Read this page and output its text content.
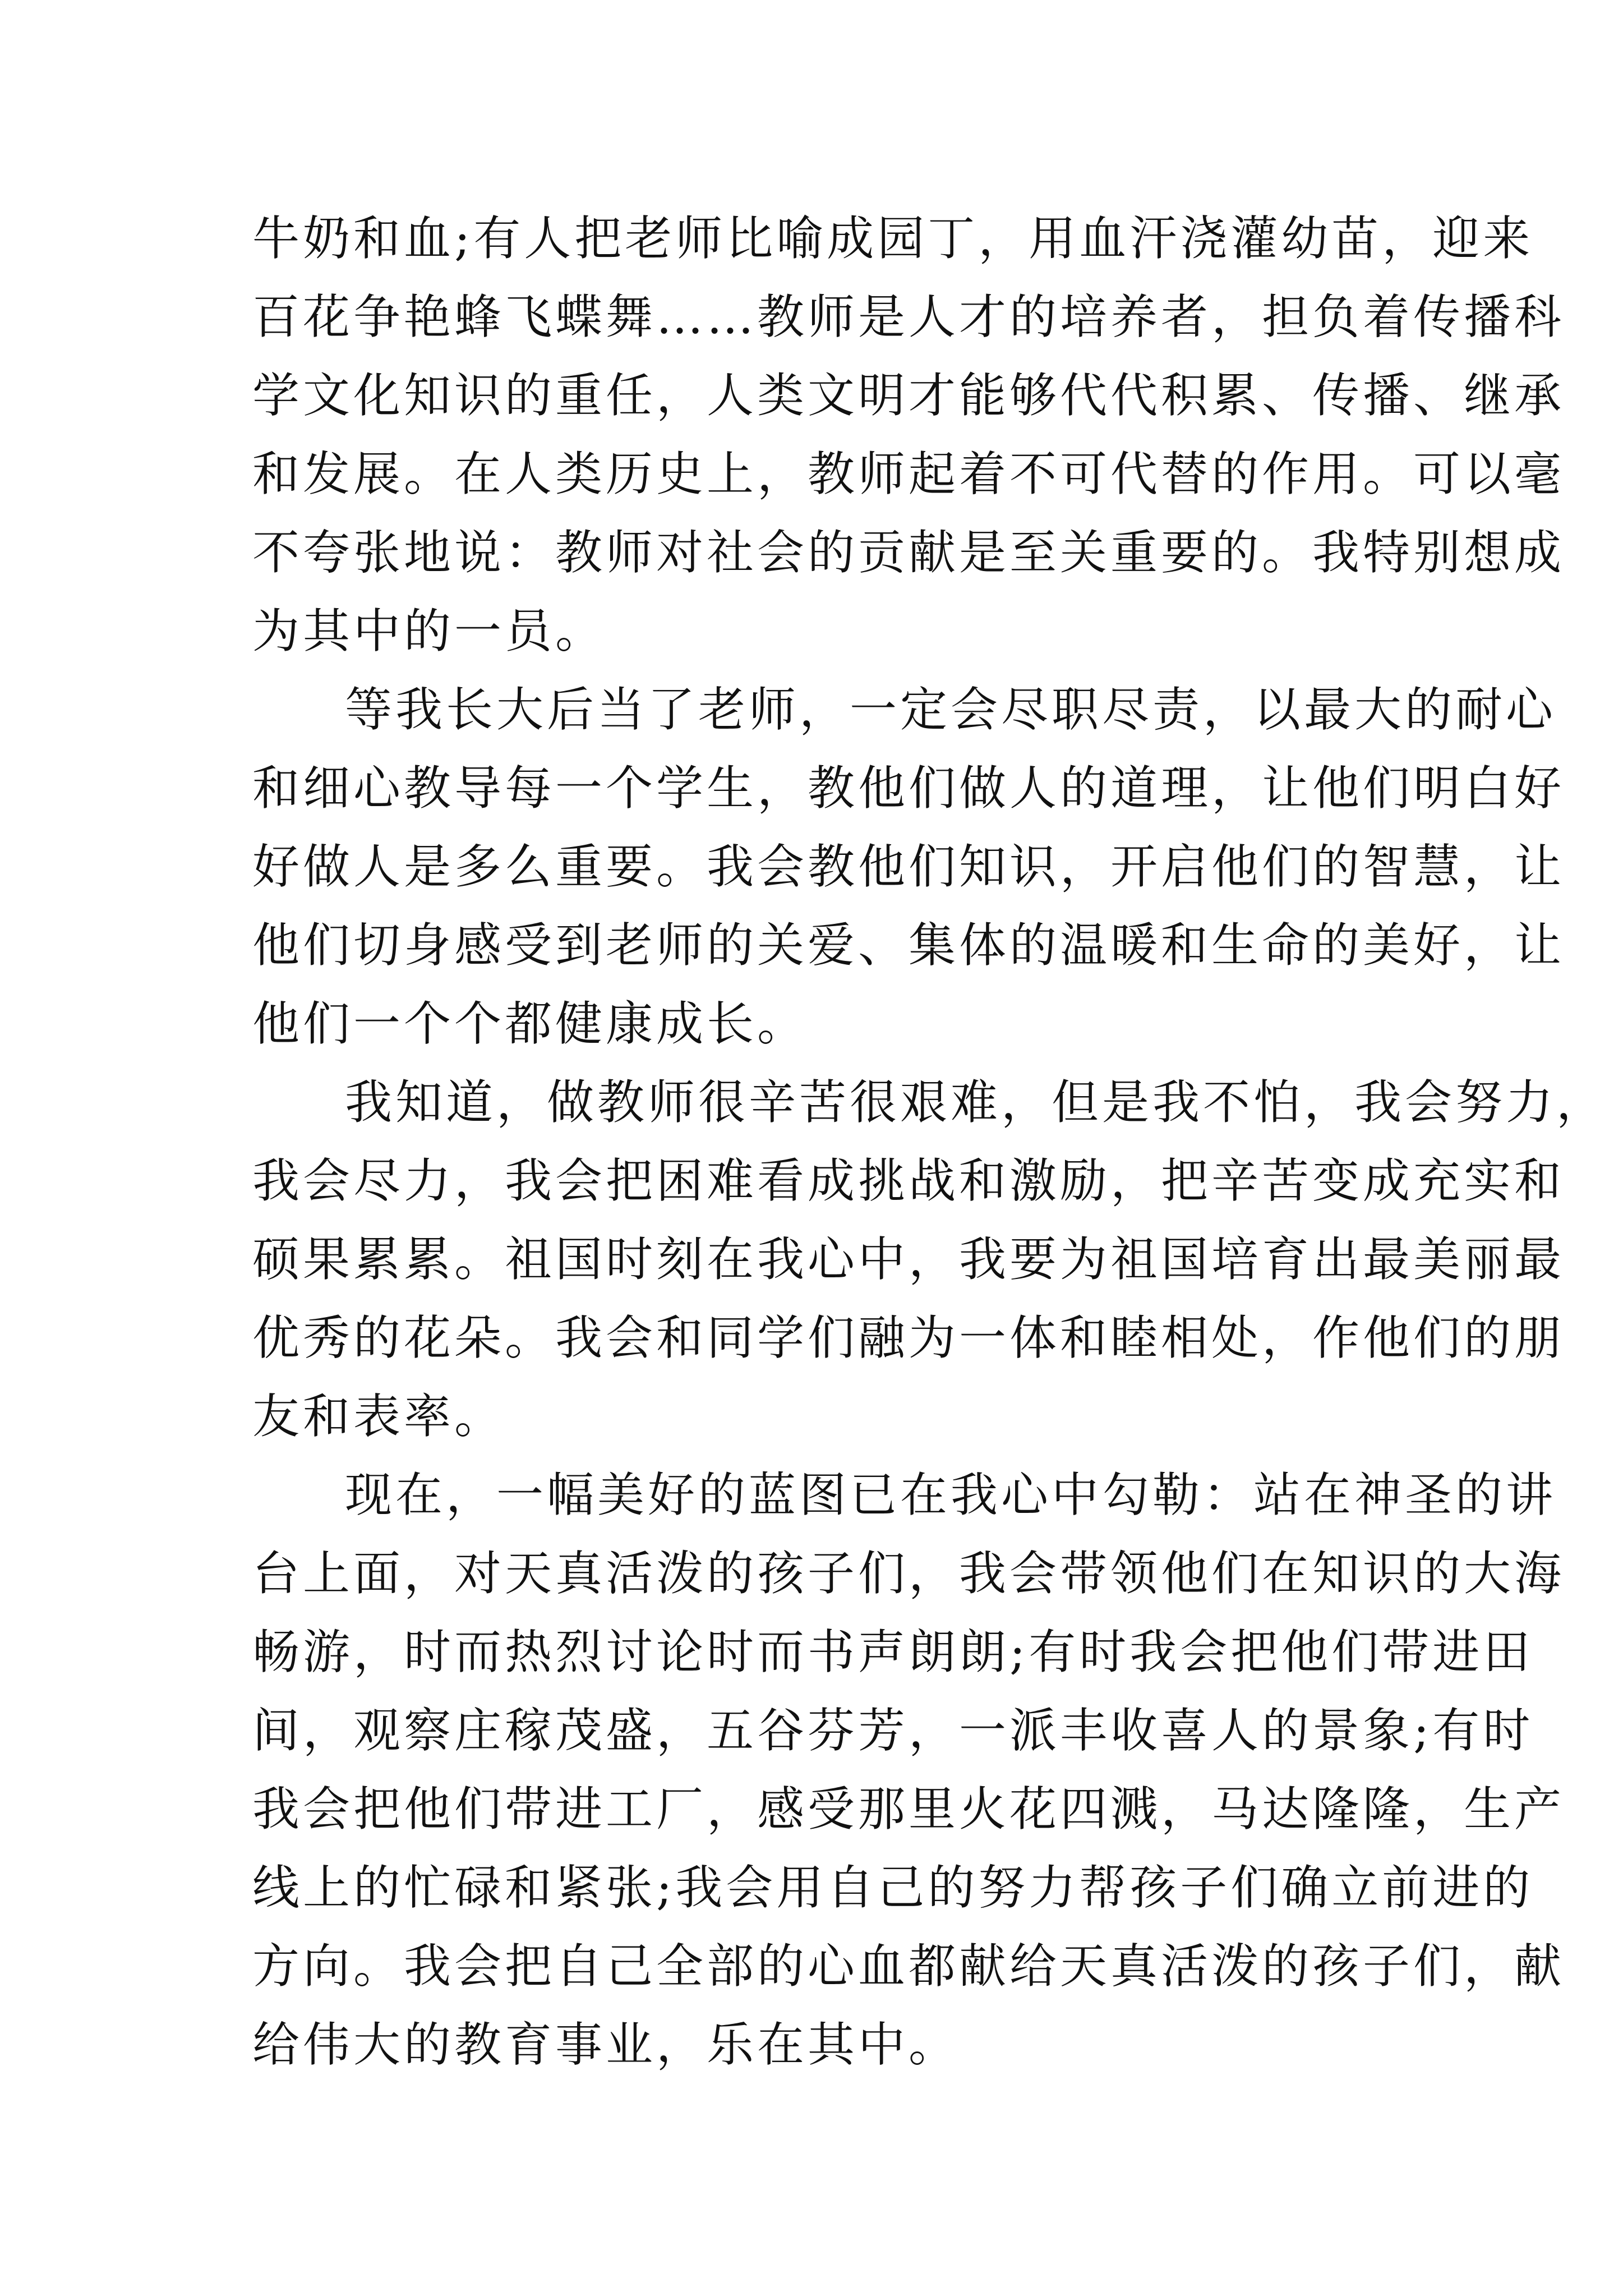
牛奶和血;有人把老师比喻成园丁，用血汗浇灌幼苗，迎来
百花争艳蜂飞蝶舞……教师是人才的培养者，担负着传播科
学文化知识的重任，人类文明才能够代代积累、传播、继承
和发展。在人类历史上，教师起着不可代替的作用。可以毫
不夸张地说：教师对社会的贡献是至关重要的。我特别想成
为其中的一员。
等我长大后当了老师，一定会尽职尽责，以最大的耐心
和细心教导每一个学生，教他们做人的道理，让他们明白好
好做人是多么重要。我会教他们知识，开启他们的智慧，让
他们切身感受到老师的关爱、集体的温暖和生命的美好，让
他们一个个都健康成长。
我知道，做教师很辛苦很艰难，但是我不怕，我会努力，
我会尽力，我会把困难看成挑战和激励，把辛苦变成充实和
硕果累累。祖国时刻在我心中，我要为祖国培育出最美丽最
优秀的花朵。我会和同学们融为一体和睦相处，作他们的朋
友和表率。
现在，一幅美好的蓝图已在我心中勾勒：站在神圣的讲
台上面，对天真活泼的孩子们，我会带领他们在知识的大海
畅游，时而热烈讨论时而书声朗朗;有时我会把他们带进田
间，观察庄稼茂盛，五谷芬芳，一派丰收喜人的景象;有时
我会把他们带进工厂，感受那里火花四溅，马达隆隆，生产
线上的忙碌和紧张;我会用自己的努力帮孩子们确立前进的
方向。我会把自己全部的心血都献给天真活泼的孩子们，献
给伟大的教育事业，乐在其中。
